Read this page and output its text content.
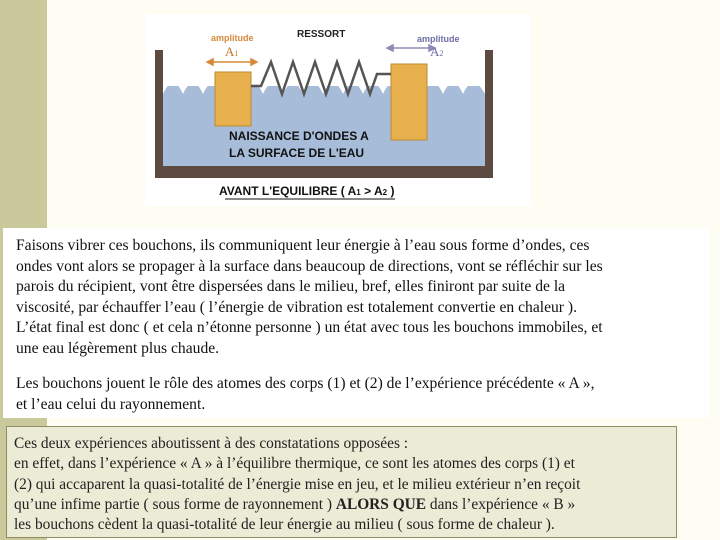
amplitude
A1
RESSORT	amplitude
A2
NAISSANCE D'ONDES A
LA SURFACE DE L'EAU
AVANT L'EQUILIBRE ( A1 > A2 )

Faisons vibrer ces bouchons, ils communiquent leur énergie à l’eau sous forme d’ondes, ces
ondes vont alors se propager à la surface dans beaucoup de directions, vont se réfléchir sur les
parois du récipient, vont être dispersées dans le milieu, bref, elles finiront par suite de la
viscosité, par échauffer l’eau ( l’énergie de vibration est totalement convertie en chaleur ).
L’état final est donc ( et cela n’étonne personne ) un état avec tous les bouchons immobiles, et
une eau légèrement plus chaude.

Les bouchons jouent le rôle des atomes des corps (1) et (2) de l’expérience précédente « A »,
et l’eau celui du rayonnement.

Ces deux expériences aboutissent à des constatations opposées :
en effet, dans l’expérience « A » à l’équilibre thermique, ce sont les atomes des corps (1) et
(2) qui accaparent la quasi-totalité de l’énergie mise en jeu, et le milieu extérieur n’en reçoit
qu’une infime partie ( sous forme de rayonnement ) ALORS QUE dans l’expérience « B »
les bouchons cèdent la quasi-totalité de leur énergie au milieu ( sous forme de chaleur ).
